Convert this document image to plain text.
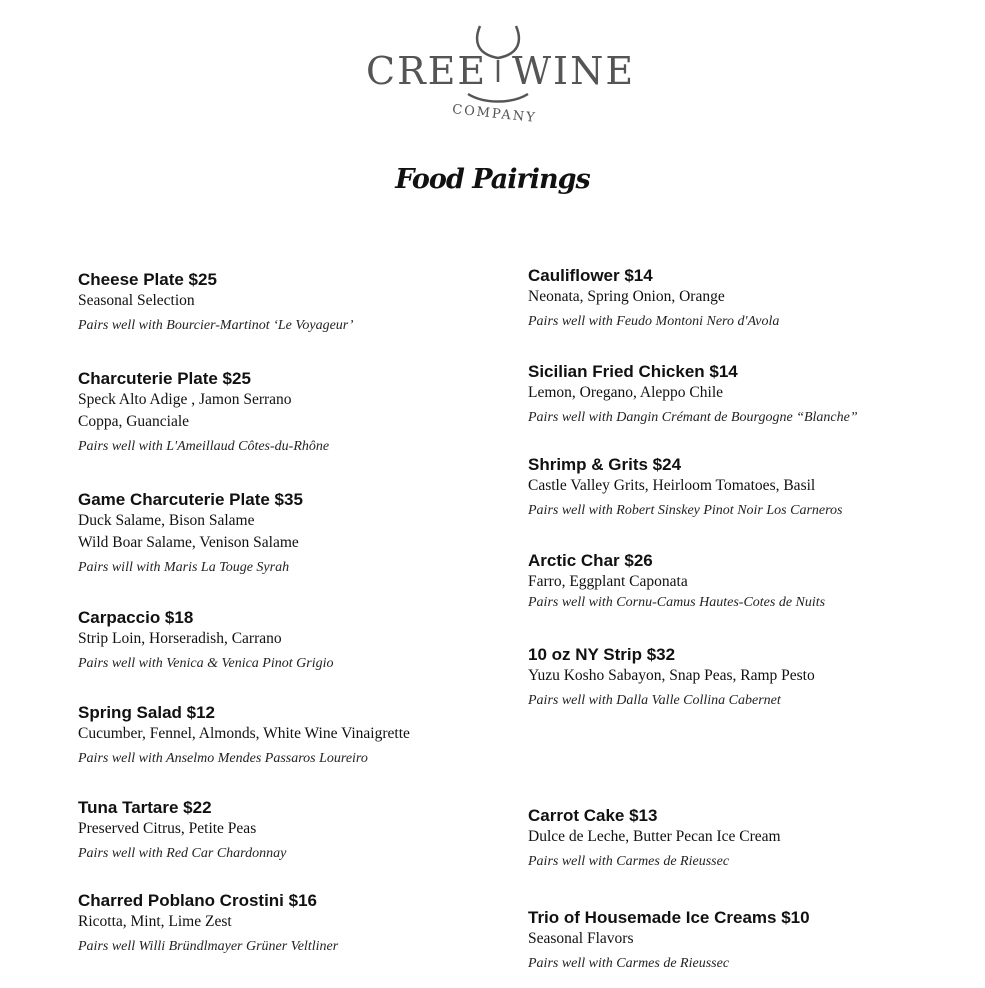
CREE WINE
COMPANY
Food Pairings
Cheese Plate $25
Seasonal Selection
Pairs well with Bourcier-Martinot ‘Le Voyageur’
Charcuterie Plate $25
Speck Alto Adige , Jamon Serrano
Coppa, Guanciale
Pairs well with L'Ameillaud Côtes-du-Rhône
Game Charcuterie Plate $35
Duck Salame, Bison Salame
Wild Boar Salame, Venison Salame
Pairs will with Maris La Touge Syrah
Carpaccio $18
Strip Loin, Horseradish, Carrano
Pairs well with Venica & Venica Pinot Grigio
Spring Salad $12
Cucumber, Fennel, Almonds, White Wine Vinaigrette
Pairs well with Anselmo Mendes Passaros Loureiro
Tuna Tartare $22
Preserved Citrus, Petite Peas
Pairs well with Red Car Chardonnay
Charred Poblano Crostini $16
Ricotta, Mint, Lime Zest
Pairs well Willi Bründlmayer Grüner Veltliner
Cauliflower $14
Neonata, Spring Onion, Orange
Pairs well with Feudo Montoni Nero d'Avola
Sicilian Fried Chicken $14
Lemon, Oregano, Aleppo Chile
Pairs well with Dangin Crémant de Bourgogne “Blanche”
Shrimp & Grits $24
Castle Valley Grits, Heirloom Tomatoes, Basil
Pairs well with Robert Sinskey Pinot Noir Los Carneros
Arctic Char $26
Farro, Eggplant Caponata
Pairs well with Cornu-Camus Hautes-Cotes de Nuits
10 oz NY Strip $32
Yuzu Kosho Sabayon, Snap Peas, Ramp Pesto
Pairs well with Dalla Valle Collina Cabernet
Carrot Cake $13
Dulce de Leche, Butter Pecan Ice Cream
Pairs well with Carmes de Rieussec
Trio of Housemade Ice Creams $10
Seasonal Flavors
Pairs well with Carmes de Rieussec
